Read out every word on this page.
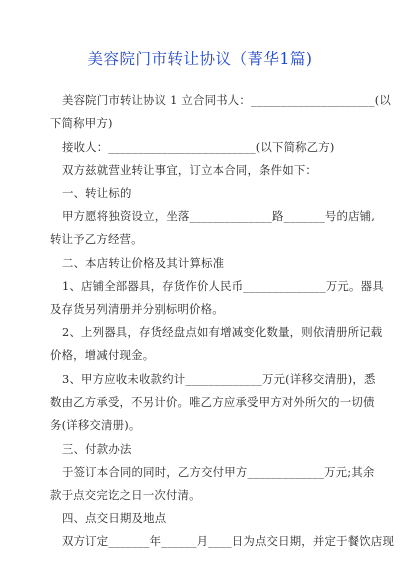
美容院门市转让协议（菁华1篇)
美容院门市转让协议 1 立合同书人：_____________________(以
下简称甲方)
接收人：_________________________(以下简称乙方)
双方兹就营业转让事宜，订立本合同，条件如下：
一、转让标的
甲方愿将独资设立，坐落______________路_______号的店铺,
转让予乙方经营。
二、本店转让价格及其计算标准
1、店铺全部器具，存货作价人民币______________万元。器具
及存货另列清册并分别标明价格。
2、上列器具，存货经盘点如有增减变化数量，则依清册所记载
价格，增减付现金。
3、甲方应收未收款约计_____________万元(详移交清册)，悉
数由乙方承受，不另计价。唯乙方应承受甲方对外所欠的一切债
务(详移交清册)。
三、付款办法
于签订本合同的同时，乙方交付甲方_____________万元;其余
款于点交完讫之日一次付清。
四、点交日期及地点
双方订定_______年______月____日为点交日期，并定于餐饮店现
